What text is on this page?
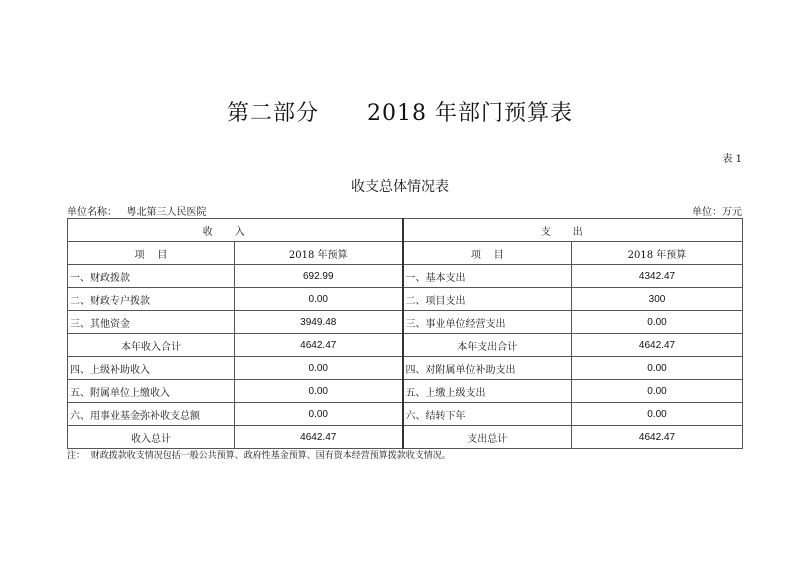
第二部分      2018 年部门预算表
表 1
收支总体情况表
单位名称：   粤北第三人民医院	单位：万元
收入		支出	
项    目	2018 年预算	项    目	2018 年预算
一、财政拨款	692.99	一、基本支出	4342.47
二、财政专户拨款	0.00	二、项目支出	300
三、其他资金	3949.48	三、事业单位经营支出	0.00
本年收入合计	4642.47	本年支出合计	4642.47
四、上级补助收入	0.00	四、对附属单位补助支出	0.00
五、附属单位上缴收入	0.00	五、上缴上级支出	0.00
六、用事业基金弥补收支总额	0.00	六、结转下年	0.00
收入总计	4642.47	支出总计	4642.47
注：  财政拨款收支情况包括一般公共预算、政府性基金预算、国有资本经营预算拨款收支情况。
